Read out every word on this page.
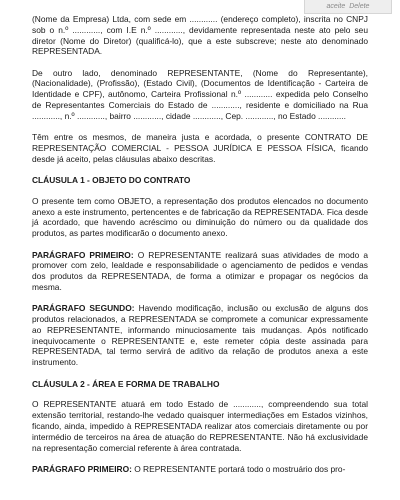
aceite Delete

(Nome da Empresa) Ltda, com sede em ............ (endereço completo), inscrita no CNPJ sob o n.º ............, com I.E n.º ............, devidamente representada neste ato pelo seu diretor (Nome do Diretor) (qualificá-lo), que a este subscreve; neste ato denominado REPRESENTADA.

De outro lado, denominado REPRESENTANTE, (Nome do Representante), (Nacionalidade), (Profissão), (Estado Civil), (Documentos de Identificação - Carteira de Identidade e CPF), autônomo, Carteira Profissional n.º ............ expedida pelo Conselho de Representantes Comerciais do Estado de ............, residente e domiciliado na Rua ............, n.º ............, bairro ............, cidade ............, Cep. ............, no Estado ............

Têm entre os mesmos, de maneira justa e acordada, o presente CONTRATO DE REPRESENTAÇÃO COMERCIAL - PESSOA JURÍDICA E PESSOA FÍSICA, ficando desde já aceito, pelas cláusulas abaixo descritas.

CLÁUSULA 1 - OBJETO DO CONTRATO

O presente tem como OBJETO, a representação dos produtos elencados no documento anexo a este instrumento, pertencentes e de fabricação da REPRESENTADA. Fica desde já acordado, que havendo acréscimo ou diminuição do número ou da qualidade dos produtos, as partes modificarão o documento anexo.

PARÁGRAFO PRIMEIRO: O REPRESENTANTE realizará suas atividades de modo a promover com zelo, lealdade e responsabilidade o agenciamento de pedidos e vendas dos produtos da REPRESENTADA, de forma a otimizar e propagar os negócios da mesma.

PARÁGRAFO SEGUNDO: Havendo modificação, inclusão ou exclusão de alguns dos produtos relacionados, a REPRESENTADA se compromete a comunicar expressamente ao REPRESENTANTE, informando minuciosamente tais mudanças. Após notificado inequivocamente o REPRESENTANTE e, este remeter cópia deste assinada para REPRESENTADA, tal termo servirá de aditivo da relação de produtos anexa a este instrumento.

CLÁUSULA 2 - ÁREA E FORMA DE TRABALHO

O REPRESENTANTE atuará em todo Estado de ............, compreendendo sua total extensão territorial, restando-lhe vedado quaisquer intermediações em Estados vizinhos, ficando, ainda, impedido à REPRESENTADA realizar atos comerciais diretamente ou por intermédio de terceiros na área de atuação do REPRESENTANTE. Não há exclusividade na representação comercial referente à área contratada.

PARÁGRAFO PRIMEIRO: O REPRESENTANTE portará todo o mostruário dos pro-
